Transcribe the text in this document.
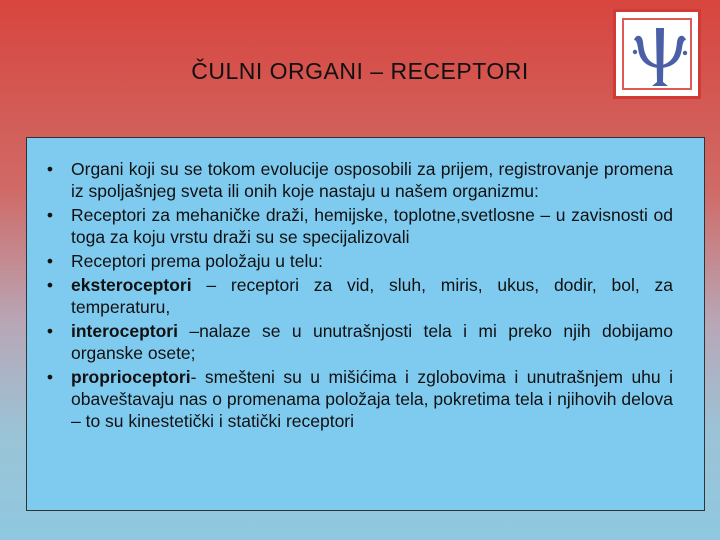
ČULNI ORGANI – RECEPTORI
• Organi koji su se tokom evolucije osposobili za prijem, registrovanje promena iz spoljašnjeg sveta ili onih koje nastaju u našem organizmu:
• Receptori za mehaničke draži, hemijske, toplotne,svetlosne – u zavisnosti od toga za koju vrstu draži su se specijalizovali
• Receptori prema položaju u telu:
• eksteroceptori – receptori za vid, sluh, miris, ukus, dodir, bol, za temperaturu,
• interoceptori –nalaze se u unutrašnjosti tela i mi preko njih dobijamo organske osete;
• proprioceptori- smešteni su u mišićima i zglobovima i unutrašnjem uhu i obaveštavaju nas o promenama položaja tela, pokretima tela i njihovih delova – to su kinestetički i statički receptori
